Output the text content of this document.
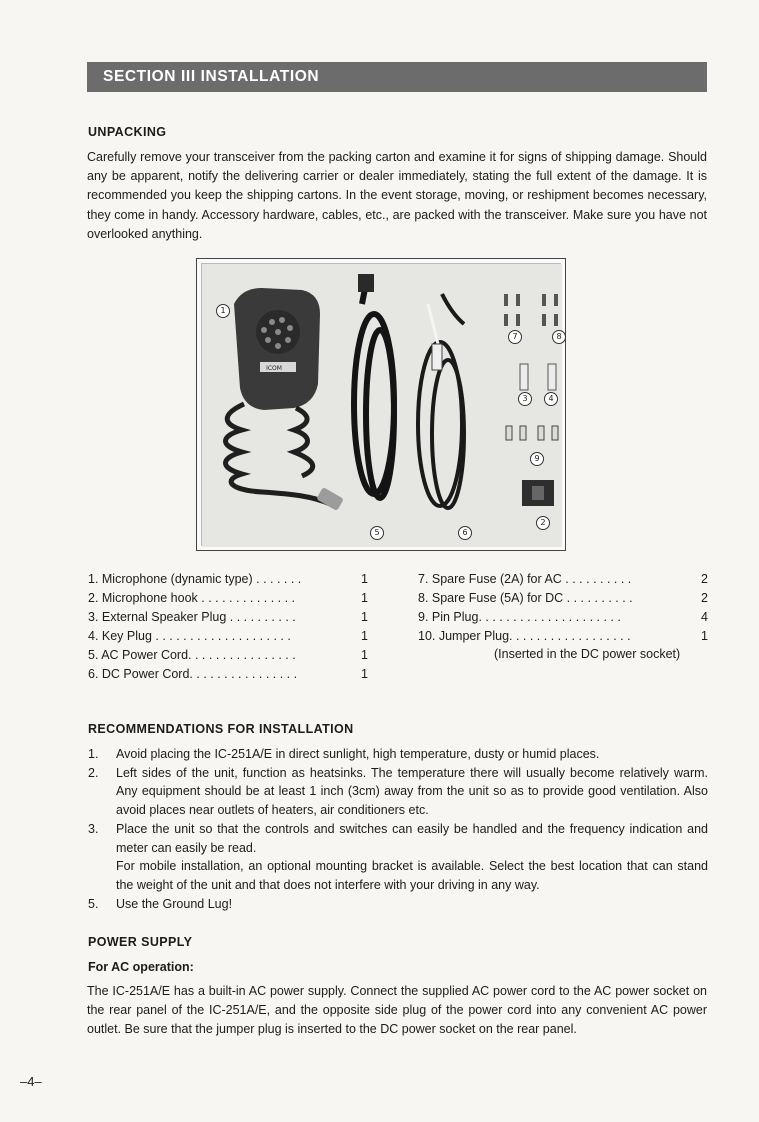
SECTION III INSTALLATION
UNPACKING

Carefully remove your transceiver from the packing carton and examine it for signs of shipping damage. Should any be apparent, notify the delivering carrier or dealer immediately, stating the full extent of the damage. It is recommended you keep the shipping cartons. In the event storage, moving, or reshipment becomes necessary, they come in handy. Accessory hardware, cables, etc., are packed with the transceiver. Make sure you have not overlooked anything.

ICOM
1
7	8
3	4
9
2
5	6
1. Microphone (dynamic type) . . . . . . .	1
2. Microphone hook . . . . . . . . . . . . . .	1
3. External Speaker Plug . . . . . . . . . .	1
4. Key Plug . . . . . . . . . . . . . . . . . . . .	1
5. AC Power Cord. . . . . . . . . . . . . . . .	1
6. DC Power Cord. . . . . . . . . . . . . . . .	1
7. Spare Fuse (2A) for AC . . . . . . . . . .	2
8. Spare Fuse (5A) for DC . . . . . . . . . .	2
9. Pin Plug. . . . . . . . . . . . . . . . . . . . .	4
10. Jumper Plug. . . . . . . . . . . . . . . . . .	1
(Inserted in the DC power socket)
RECOMMENDATIONS FOR INSTALLATION
1. Avoid placing the IC-251A/E in direct sunlight, high temperature, dusty or humid places.
2. Left sides of the unit, function as heatsinks. The temperature there will usually become relatively warm. Any equipment should be at least 1 inch (3cm) away from the unit so as to provide good ventilation. Also avoid places near outlets of heaters, air conditioners etc.
3. Place the unit so that the controls and switches can easily be handled and the frequency indication and meter can easily be read.
For mobile installation, an optional mounting bracket is available. Select the best location that can stand the weight of the unit and that does not interfere with your driving in any way.
5. Use the Ground Lug!
POWER SUPPLY
For AC operation:

The IC-251A/E has a built-in AC power supply. Connect the supplied AC power cord to the AC power socket on the rear panel of the IC-251A/E, and the opposite side plug of the power cord into any convenient AC power outlet. Be sure that the jumper plug is inserted to the DC power socket on the rear panel.

–4–
